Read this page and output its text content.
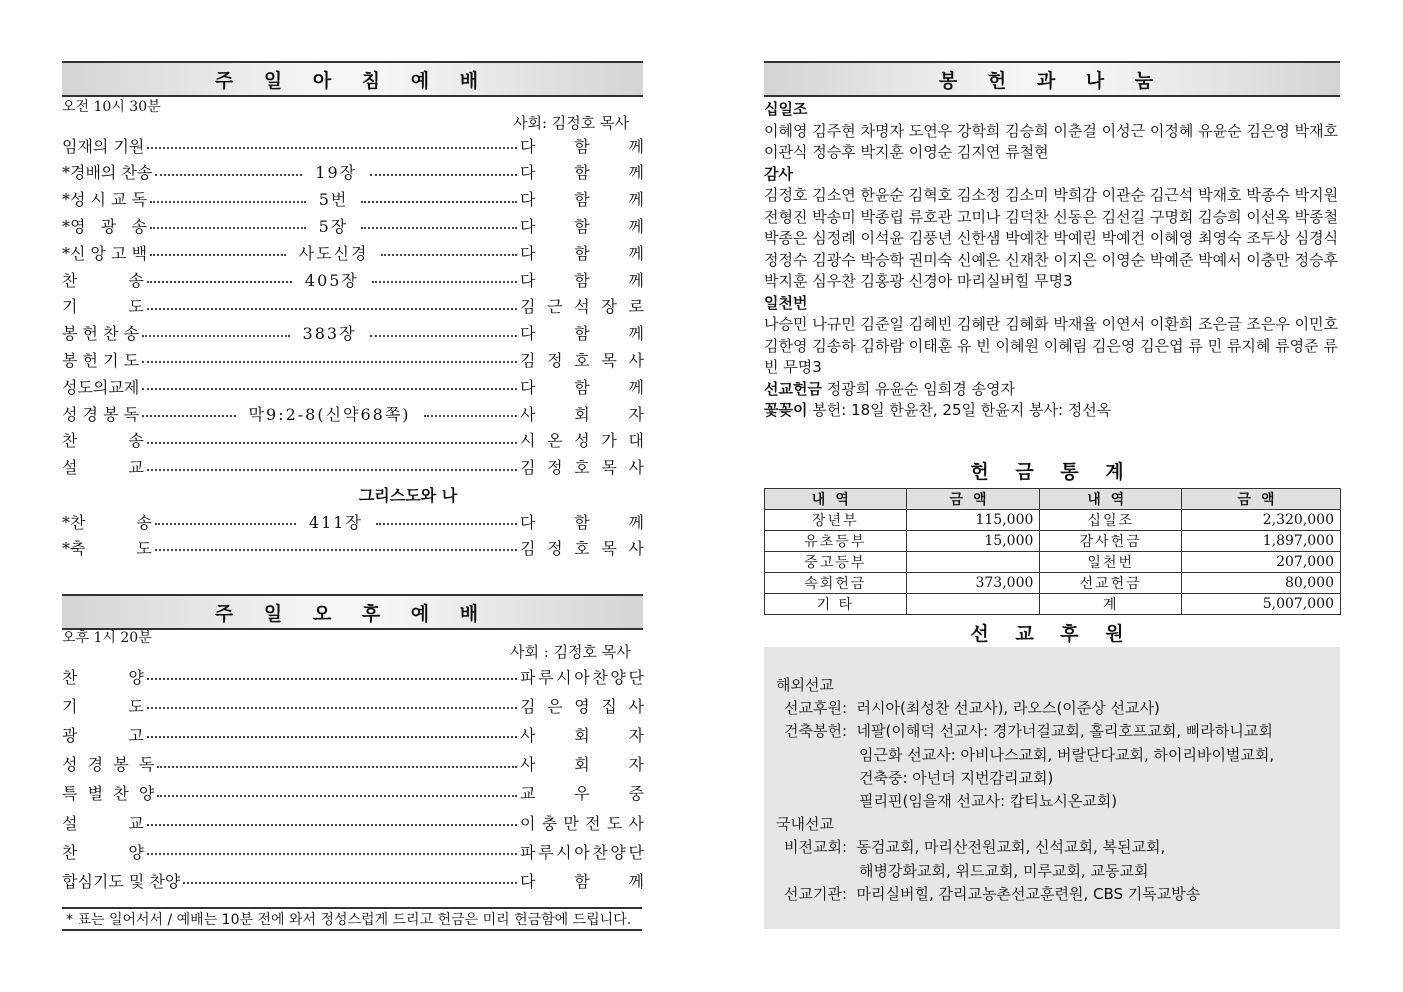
주 일 아 침 예 배
오전 10시 30분
사회: 김정호 목사
임재의 기원	다 함 께
*경배의 찬송	19장	다 함 께
*성 시 교 독	5번	다 함 께
*영   광   송	5장	다 함 께
*신 앙 고 백	사도신경	다 함 께
찬          송	405장	다 함 께
기          도	김 근 석 장 로
봉 헌 찬 송	383장	다 함 께
봉 헌 기 도	김 정 호 목 사
성도의교제	다 함 께
성 경 봉 독	막9:2-8(신약68쪽)	사 회 자
찬          송	시 온 성 가 대
설          교	김 정 호 목 사
그리스도와 나
*찬          송	411장	다 함 께
*축          도	김 정 호 목 사
주 일 오 후 예 배
오후 1시 20분
사회 : 김정호 목사
찬          양	파 루 시 아 찬 양 단
기          도	김 은 영 집 사
광          고	사 회 자
성  경  봉  독	사 회 자
특  별  찬  양	교 우 중
설          교	이 충 만 전 도 사
찬          양	파 루 시 아 찬 양 단
합심기도 및 찬양	다 함 께
* 표는 일어서서 / 예배는 10분 전에 와서 정성스럽게 드리고 헌금은 미리 헌금함에 드립니다.
봉 헌 과 나 눔
십일조
이혜영 김주현 차명자 도연우 강학희 김승희 이춘걸 이성근 이정혜 유윤순 김은영 박재호 이관식 정승후 박지훈 이영순 김지연 류철현
감사
김정호 김소연 한윤순 김혁호 김소정 김소미 박희감 이관순 김근석 박재호 박종수 박지원 전형진 박송미 박종립 류호관 고미나 김덕찬 신동은 김선길 구명회 김승희 이선옥 박종철 박종은 심정례 이석윤 김풍년 신한샘 박예찬 박예린 박예건 이혜영 최영숙 조두상 심경식 정정수 김광수 박승학 권미숙 신예은 신재찬 이지은 이영순 박예준 박예서 이충만 정승후 박지훈 심우찬 김홍광 신경아 마리실버힐 무명3
일천번
나승민 나규민 김준일 김혜빈 김혜란 김혜화 박재율 이연서 이환희 조은글 조은우 이민호 김한영 김송하 김하람 이태훈 유 빈 이혜원 이혜림 김은영 김은엽 류 민 류지혜 류영준 류 빈 무명3
선교헌금 정광희 유윤순 임희경 송영자
꽃꽂이 봉헌: 18일 한윤찬, 25일 한윤지 봉사: 정선옥
헌 금 통 계
내역	금액	내역	금액
장년부	115,000	십일조	2,320,000
유초등부	15,000	감사헌금	1,897,000
중고등부		일천번	207,000
속회헌금	373,000	선교헌금	80,000
기 타		계	5,007,000
선 교 후 원
해외선교
선교후원:  러시아(최성찬 선교사), 라오스(이준상 선교사)
건축봉헌:  네팔(이해덕 선교사: 경가너걸교회, 홀리호프교회, 삐라하니교회
임근화 선교사: 아비나스교회, 버랄단다교회, 하이리바이벌교회,
건축중: 아넌더 지번감리교회)
필리핀(임을재 선교사: 캅티뇨시온교회)
국내선교
비전교회:  동검교회, 마리산전원교회, 신석교회, 복된교회,
해병강화교회, 위드교회, 미루교회, 교동교회
선교기관:  마리실버힐, 감리교농촌선교훈련원, CBS 기독교방송
